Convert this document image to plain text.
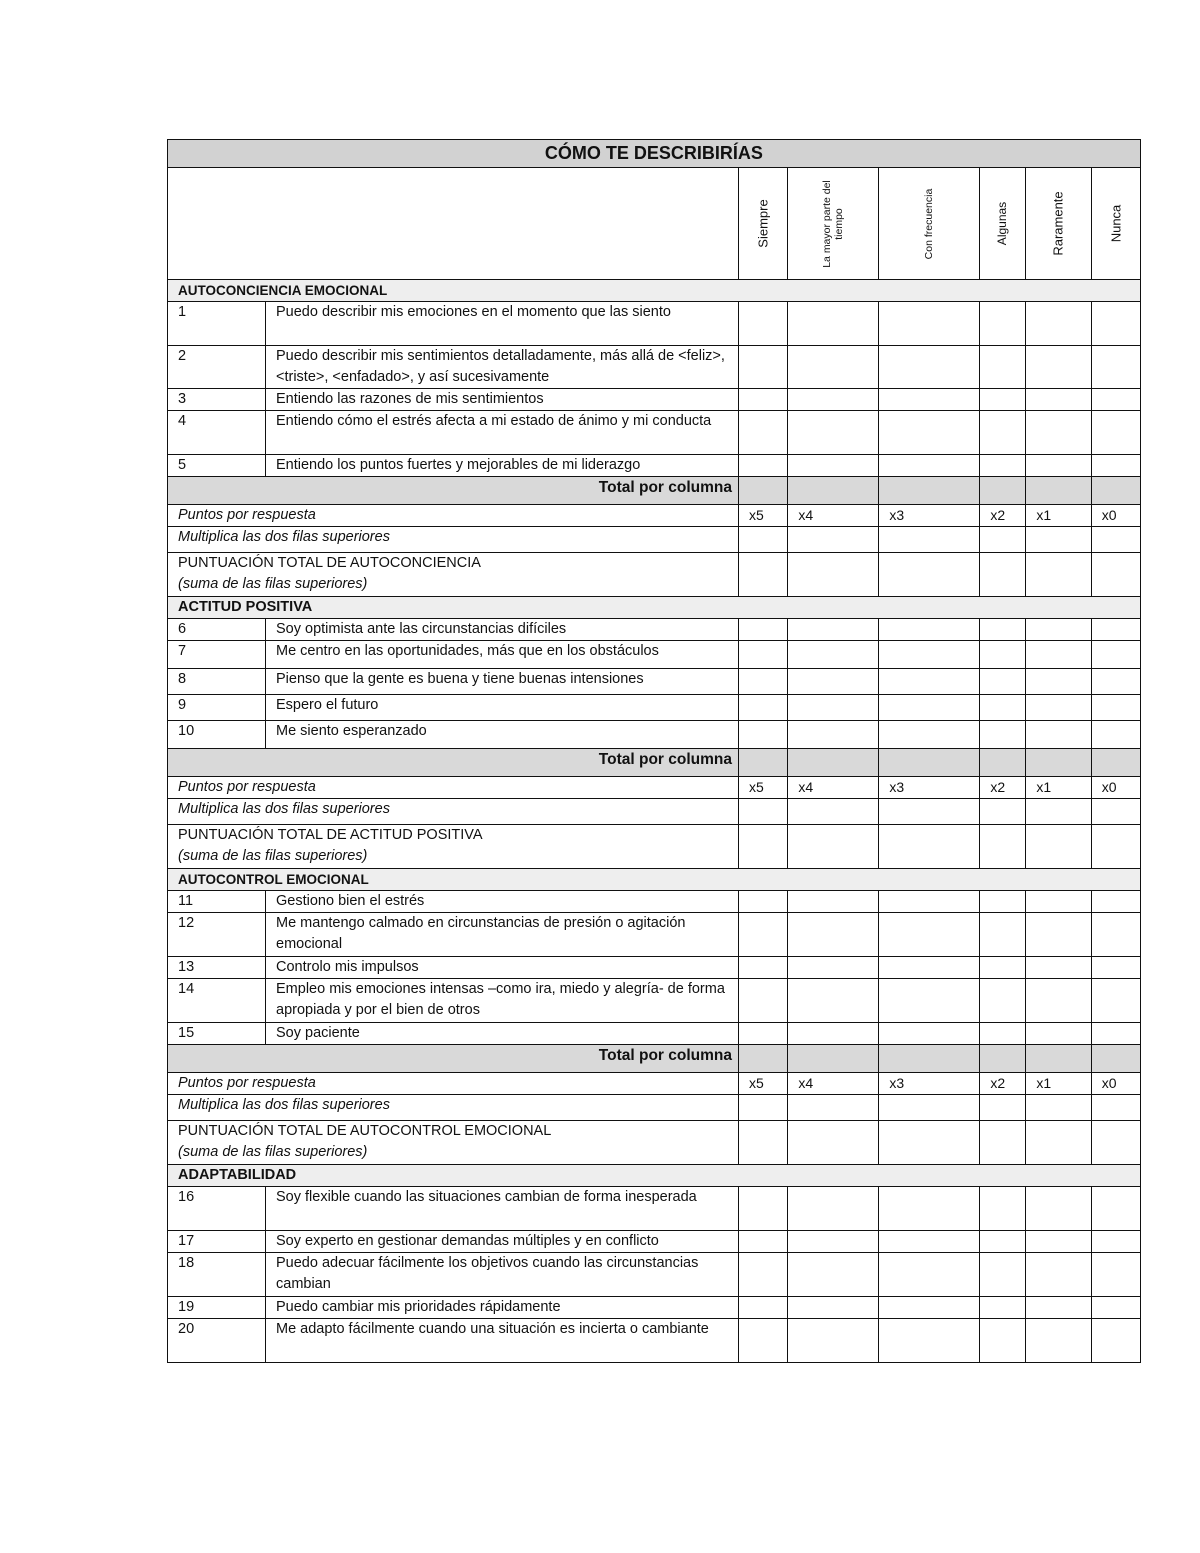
CÓMO TE DESCRIBIRÍAS							

		Siempre	La mayor parte del tiempo	Con frecuencia	Algunas	Raramente	Nunca

AUTOCONCIENCIA EMOCIONAL							
1	Puedo describir mis emociones en el momento que las siento						
2	Puedo describir mis sentimientos detalladamente, más allá de <feliz>, <triste>, <enfadado>, y así sucesivamente						
3	Entiendo las razones de mis sentimientos						
4	Entiendo cómo el estrés afecta a mi estado de ánimo y mi conducta						
5	Entiendo los puntos fuertes y mejorables de mi liderazgo						
Total por columna							
Puntos por respuesta		x5	x4	x3	x2	x1	x0
Multiplica las dos filas superiores							

PUNTUACIÓN TOTAL DE AUTOCONCIENCIA
(suma de las filas superiores)							

ACTITUD POSITIVA							
6	Soy optimista ante las circunstancias difíciles						
7	Me centro en las oportunidades, más que en los obstáculos						
8	Pienso que la gente es buena y tiene buenas intensiones						
9	Espero el futuro						
10	Me siento esperanzado						
Total por columna							
Puntos por respuesta		x5	x4	x3	x2	x1	x0
Multiplica las dos filas superiores							

PUNTUACIÓN TOTAL DE ACTITUD POSITIVA
(suma de las filas superiores)							

AUTOCONTROL EMOCIONAL							
11	Gestiono bien el estrés						
12	Me mantengo calmado en circunstancias de presión o agitación emocional						
13	Controlo mis impulsos						
14	Empleo mis emociones intensas –como ira, miedo y alegría- de forma apropiada y por el bien de otros						
15	Soy paciente						
Total por columna							
Puntos por respuesta		x5	x4	x3	x2	x1	x0
Multiplica las dos filas superiores							

PUNTUACIÓN TOTAL DE AUTOCONTROL EMOCIONAL
(suma de las filas superiores)							

ADAPTABILIDAD							
16	Soy flexible cuando las situaciones cambian de forma inesperada						
17	Soy experto en gestionar demandas múltiples y en conflicto						
18	Puedo adecuar fácilmente los objetivos cuando las circunstancias cambian						
19	Puedo cambiar mis prioridades rápidamente						
20	Me adapto fácilmente cuando una situación es incierta o cambiante						
